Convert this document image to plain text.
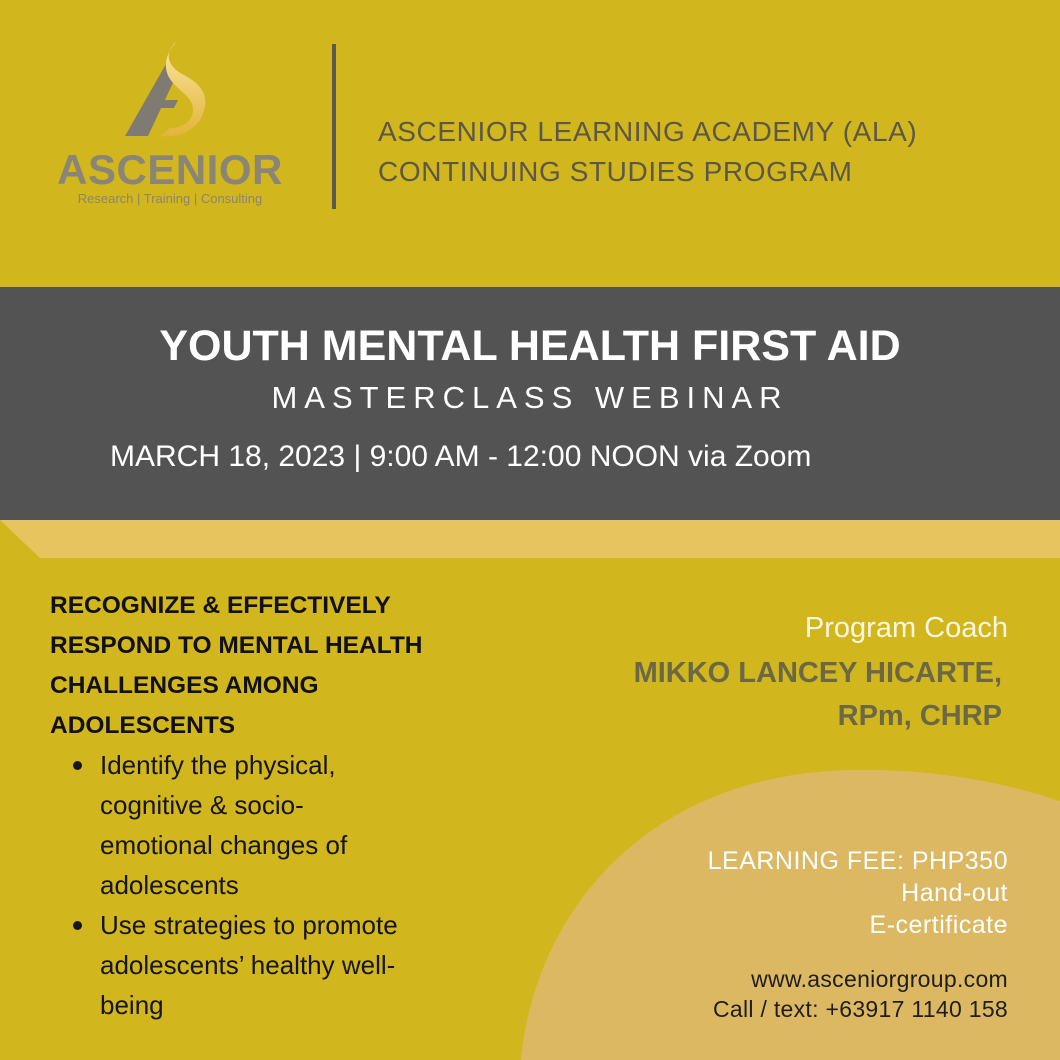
ASCENIOR
Research | Training | Consulting
ASCENIOR LEARNING ACADEMY (ALA)
CONTINUING STUDIES PROGRAM
YOUTH MENTAL HEALTH FIRST AID
MASTERCLASS WEBINAR
MARCH 18, 2023 | 9:00 AM - 12:00 NOON via Zoom
RECOGNIZE & EFFECTIVELY
RESPOND TO MENTAL HEALTH
CHALLENGES AMONG
ADOLESCENTS
Identify the physical,
cognitive & socio-
emotional changes of
adolescents
Use strategies to promote
adolescents’ healthy well-
being
Program Coach
MIKKO LANCEY HICARTE,
RPm, CHRP
LEARNING FEE: PHP350
Hand-out
E-certificate
www.asceniorgroup.com
Call / text: +63917 1140 158
